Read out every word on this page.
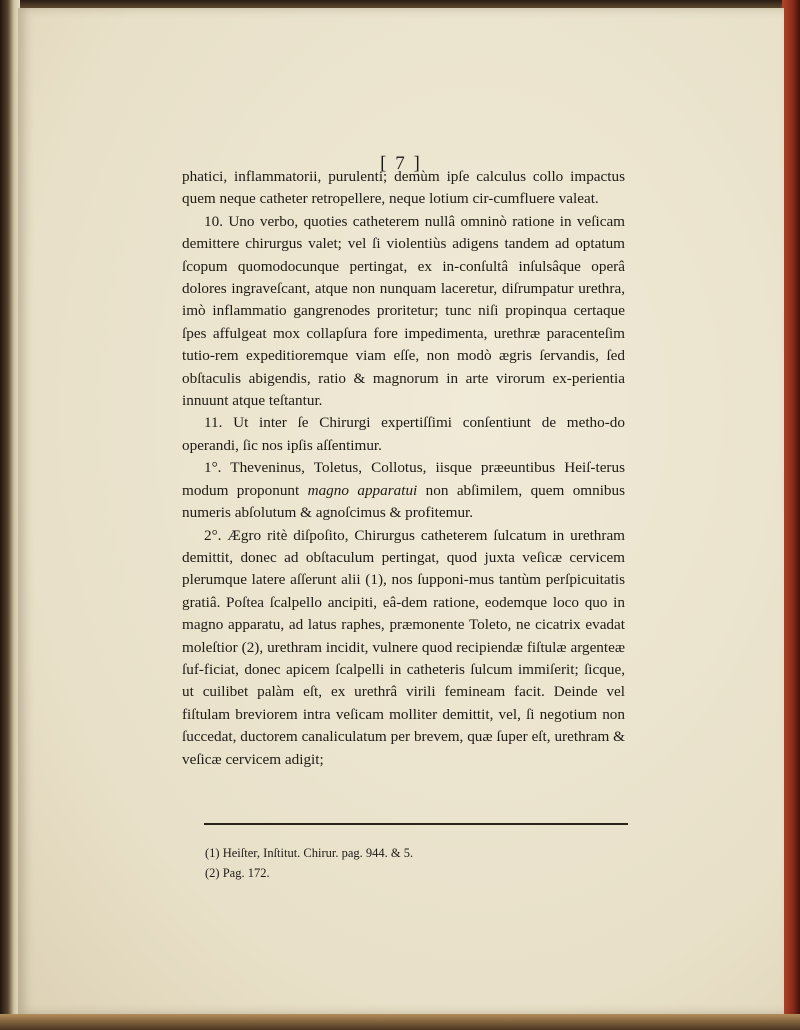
[ 7 ]

phatici, inflammatorii, purulenti; demùm ipſe calculus collo impactus quem neque catheter retropellere, neque lotium cir-cumfluere valeat.

10. Uno verbo, quoties catheterem nullâ omninò ratione in veſicam demittere chirurgus valet; vel ſi violentiùs adigens tandem ad optatum ſcopum quomodocunque pertingat, ex in-conſultâ inſulsâque operâ dolores ingraveſcant, atque non nunquam laceretur, diſrumpatur urethra, imò inflammatio gangrenodes proritetur; tunc niſi propinqua certaque ſpes affulgeat mox collapſura fore impedimenta, urethræ paracenteſim tutio-rem expeditioremque viam eſſe, non modò ægris ſervandis, ſed obſtaculis abigendis, ratio & magnorum in arte virorum ex-perientia innuunt atque teſtantur.

11. Ut inter ſe Chirurgi expertiſſimi conſentiunt de metho-do operandi, ſic nos ipſis aſſentimur.

1°. Theveninus, Toletus, Collotus, iisque præeuntibus Heiſ-terus modum proponunt magno apparatui non abſimilem, quem omnibus numeris abſolutum & agnoſcimus & profitemur.

2°. Ægro ritè diſpoſito, Chirurgus catheterem ſulcatum in urethram demittit, donec ad obſtaculum pertingat, quod juxta veſicæ cervicem plerumque latere aſſerunt alii (1), nos ſupponi-mus tantùm perſpicuitatis gratiâ. Poſtea ſcalpello ancipiti, eâ-dem ratione, eodemque loco quo in magno apparatu, ad latus raphes, præmonente Toleto, ne cicatrix evadat moleſtior (2), urethram incidit, vulnere quod recipiendæ fiſtulæ argenteæ ſuf-ficiat, donec apicem ſcalpelli in catheteris ſulcum immiſerit; ſicque, ut cuilibet palàm eſt, ex urethrâ virili femineam facit. Deinde vel fiſtulam breviorem intra veſicam molliter demittit, vel, ſi negotium non ſuccedat, ductorem canaliculatum per brevem, quæ ſuper eſt, urethram & veſicæ cervicem adigit;

(1) Heiſter, Inſtitut. Chirur. pag. 944. & 5.

(2) Pag. 172.
